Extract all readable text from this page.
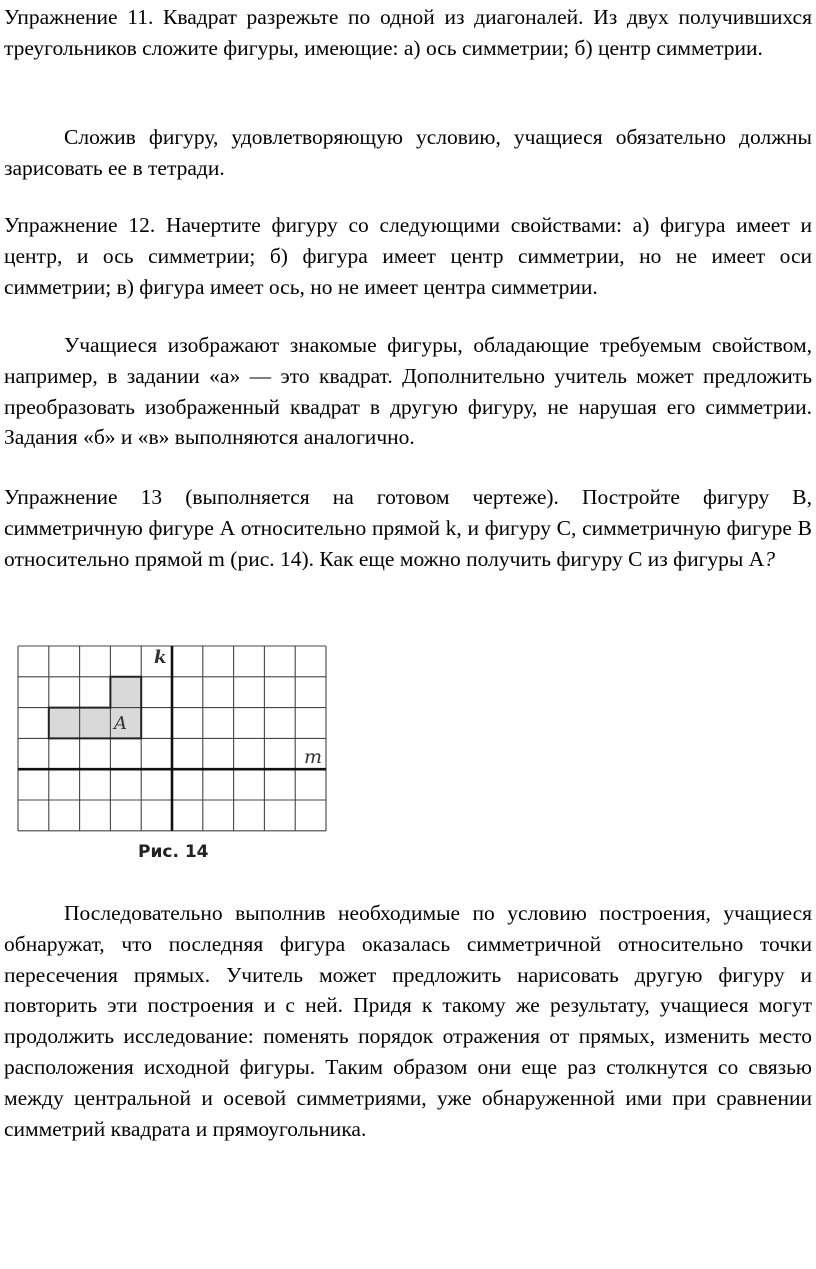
Упражнение 11. Квадрат разрежьте по одной из диагоналей. Из двух получившихся треугольников сложите фигуры, имеющие: а) ось симметрии; б) центр симметрии.

Сложив фигуру, удовлетворяющую условию, учащиеся обязательно должны зарисовать ее в тетради.

Упражнение 12. Начертите фигуру со следующими свойствами: а) фигура имеет и центр, и ось симметрии; б) фигура имеет центр симметрии, но не имеет оси симметрии; в) фигура имеет ось, но не имеет центра симметрии.

Учащиеся изображают знакомые фигуры, обладающие требуемым свойством, например, в задании «а» — это квадрат. Дополнительно учитель может предложить преобразовать изображенный квадрат в другую фигуру, не нарушая его симметрии. Задания «б» и «в» выполняются аналогично.

Упражнение 13 (выполняется на готовом чертеже). Постройте фигуру В, симметричную фигуре А относительно прямой k, и фигуру С, симметричную фигуре В относительно прямой m (рис. 14). Как еще можно получить фигуру С из фигуры А?

k
m
A
Рис. 14

Последовательно выполнив необходимые по условию построения, учащиеся обнаружат, что последняя фигура оказалась симметричной относительно точки пересечения прямых. Учитель может предложить нарисовать другую фигуру и повторить эти построения и с ней. Придя к такому же результату, учащиеся могут продолжить исследование: поменять порядок отражения от прямых, изменить место расположения исходной фигуры. Таким образом они еще раз столкнутся со связью между центральной и осевой симметриями, уже обнаруженной ими при сравнении симметрий квадрата и прямоугольника.
